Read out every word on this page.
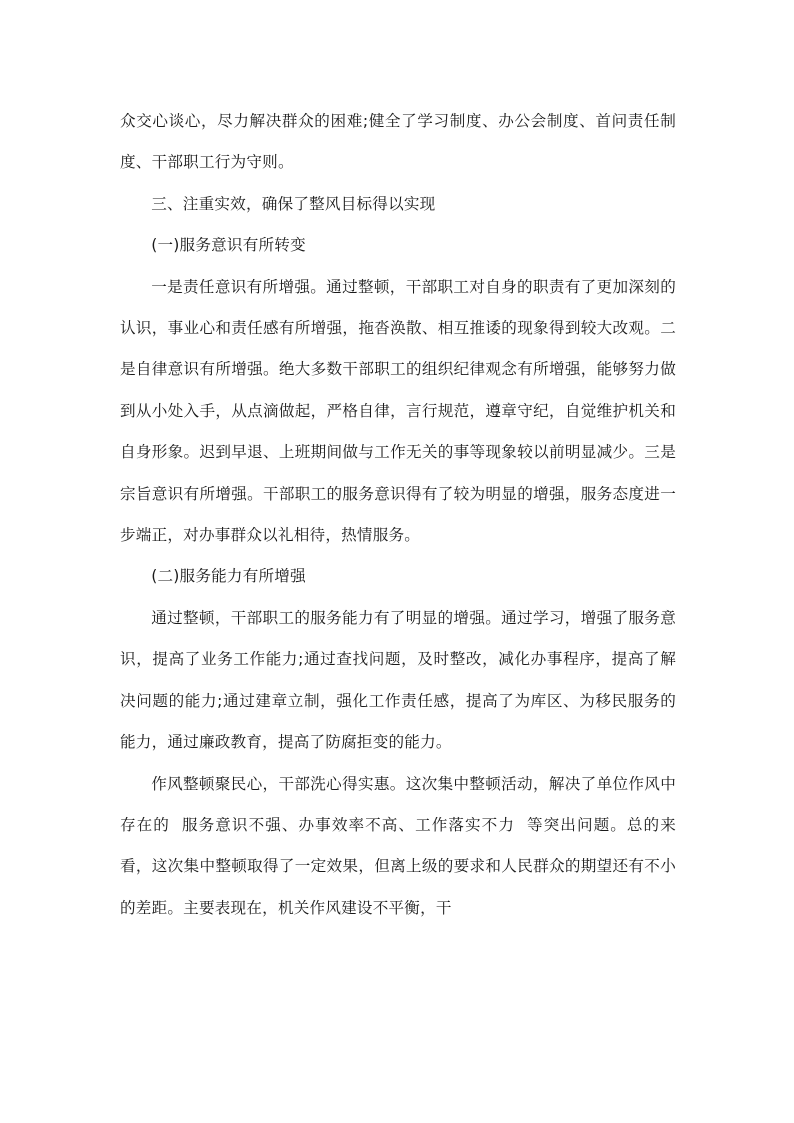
众交心谈心，尽力解决群众的困难;健全了学习制度、办公会制度、首问责任制度、干部职工行为守则。

三、注重实效，确保了整风目标得以实现

(一)服务意识有所转变

一是责任意识有所增强。通过整顿，干部职工对自身的职责有了更加深刻的认识，事业心和责任感有所增强，拖沓涣散、相互推诿的现象得到较大改观。二是自律意识有所增强。绝大多数干部职工的组织纪律观念有所增强，能够努力做到从小处入手，从点滴做起，严格自律，言行规范，遵章守纪，自觉维护机关和自身形象。迟到早退、上班期间做与工作无关的事等现象较以前明显减少。三是宗旨意识有所增强。干部职工的服务意识得有了较为明显的增强，服务态度进一步端正，对办事群众以礼相待，热情服务。

(二)服务能力有所增强

通过整顿，干部职工的服务能力有了明显的增强。通过学习，增强了服务意识，提高了业务工作能力;通过查找问题，及时整改，减化办事程序，提高了解决问题的能力;通过建章立制，强化工作责任感，提高了为库区、为移民服务的能力，通过廉政教育，提高了防腐拒变的能力。

作风整顿聚民心，干部洗心得实惠。这次集中整顿活动，解决了单位作风中存在的  服务意识不强、办事效率不高、工作落实不力  等突出问题。总的来看，这次集中整顿取得了一定效果，但离上级的要求和人民群众的期望还有不小的差距。主要表现在，机关作风建设不平衡，干
